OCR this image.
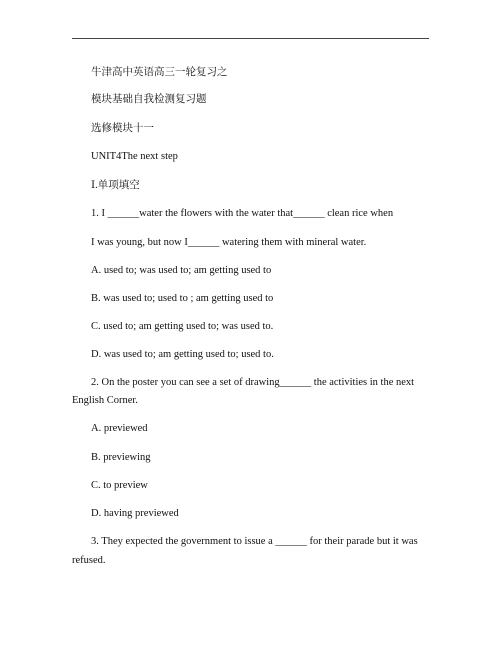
牛津高中英语高三一轮复习之
模块基础自我检测复习题
选修模块十一
UNIT4The next step
Ⅰ.单项填空
1. I ______water the flowers with the water that______ clean rice when
I was young, but now I______ watering them with mineral water.
A. used to; was used to; am getting used to
B. was used to; used to ; am getting used to
C. used to; am getting used to; was used to.
D. was used to; am getting used to; used to.
2. On the poster you can see a set of drawing______ the activities in the next
English Corner.
A. previewed
B. previewing
C. to preview
D. having previewed
3. They expected the government to issue a ______ for their parade but it was
refused.
